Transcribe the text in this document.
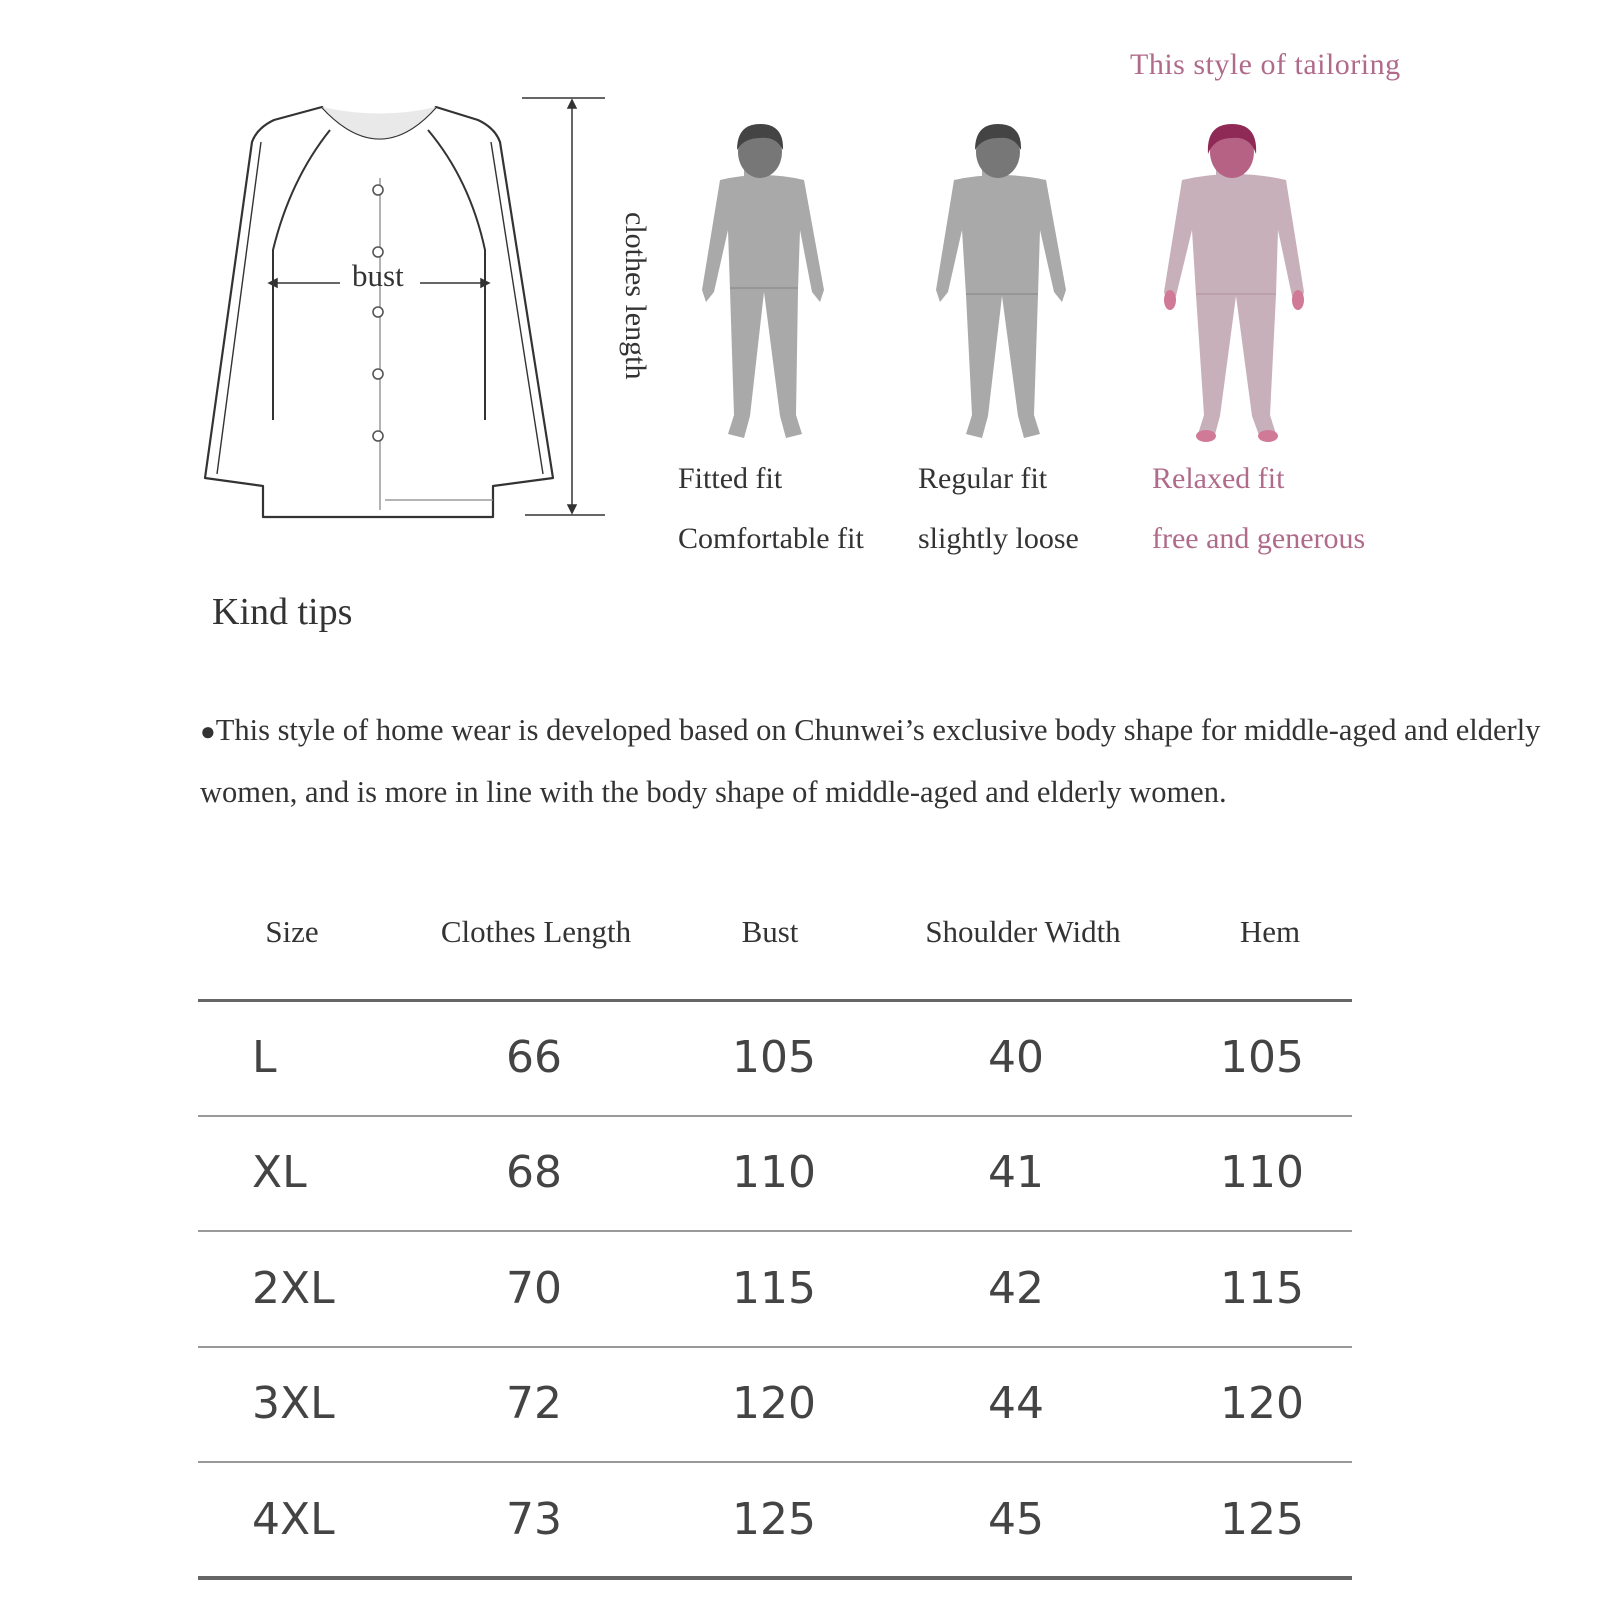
This style of tailoring
bust	clothes length
Fitted fit
Comfortable fit
Regular fit
slightly loose
Relaxed fit
free and generous
Kind tips
●This style of home wear is developed based on Chunwei’s exclusive body shape for middle-aged and elderly women, and is more in line with the body shape of middle-aged and elderly women.
Size	Clothes Length	Bust	Shoulder Width	Hem
L	66	105	40	105
XL	68	110	41	110
2XL	70	115	42	115
3XL	72	120	44	120
4XL	73	125	45	125
